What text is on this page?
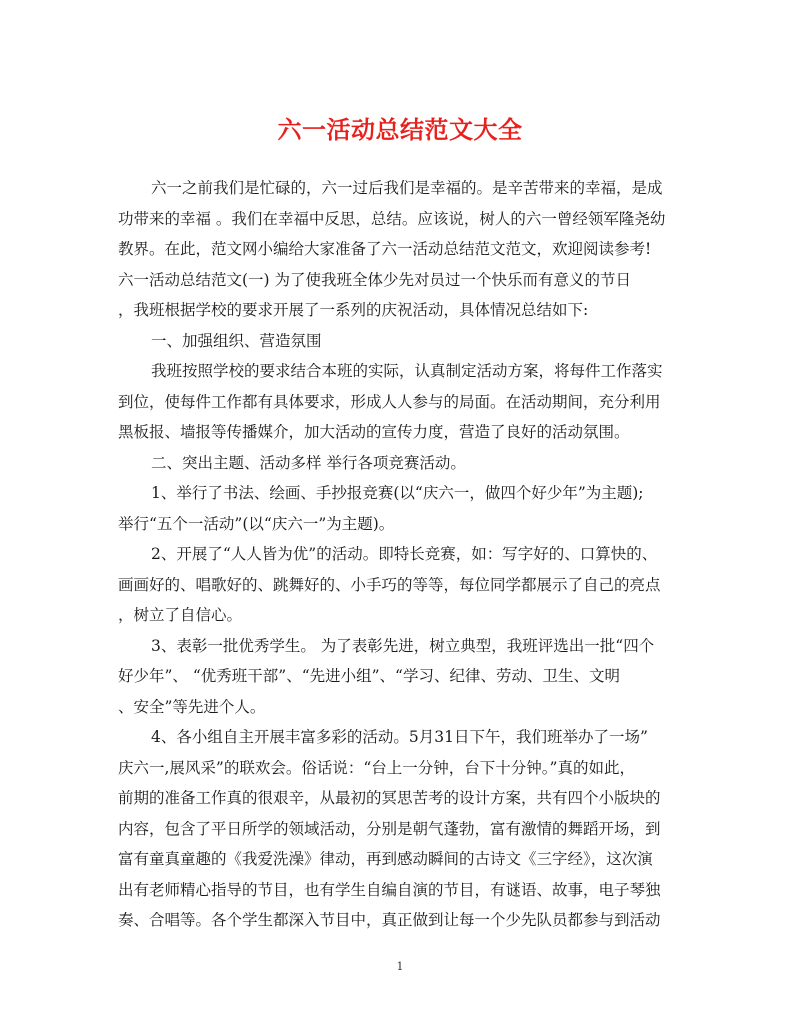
六一活动总结范文大全
六一之前我们是忙碌的，六一过后我们是幸福的。是辛苦带来的幸福，是成
功带来的幸福 。我们在幸福中反思，总结。应该说，树人的六一曾经领军隆尧幼
教界。在此，范文网小编给大家准备了六一活动总结范文范文，欢迎阅读参考!
六一活动总结范文(一) 为了使我班全体少先对员过一个快乐而有意义的节日
，我班根据学校的要求开展了一系列的庆祝活动，具体情况总结如下:
一、加强组织、营造氛围
我班按照学校的要求结合本班的实际，认真制定活动方案，将每件工作落实
到位，使每件工作都有具体要求，形成人人参与的局面。在活动期间，充分利用
黑板报、墙报等传播媒介，加大活动的宣传力度，营造了良好的活动氛围。
二、突出主题、活动多样 举行各项竞赛活动。
1、举行了书法、绘画、手抄报竞赛(以“庆六一，做四个好少年”为主题);
举行“五个一活动”(以“庆六一”为主题)。
2、开展了“人人皆为优”的活动。即特长竞赛，如：写字好的、口算快的、
画画好的、唱歌好的、跳舞好的、小手巧的等等，每位同学都展示了自己的亮点
，树立了自信心。
3、表彰一批优秀学生。 为了表彰先进，树立典型，我班评选出一批“四个
好少年”、 “优秀班干部”、“先进小组”、“学习、纪律、劳动、卫生、文明
、安全”等先进个人。
4、各小组自主开展丰富多彩的活动。5月31日下午，我们班举办了一场”
庆六一,展风采”的联欢会。俗话说：“台上一分钟，台下十分钟。”真的如此，
前期的准备工作真的很艰辛，从最初的冥思苦考的设计方案，共有四个小版块的
内容，包含了平日所学的领域活动，分别是朝气蓬勃，富有激情的舞蹈开场，到
富有童真童趣的《我爱洗澡》律动，再到感动瞬间的古诗文《三字经》，这次演
出有老师精心指导的节目，也有学生自编自演的节目，有谜语、故事，电子琴独
奏、合唱等。各个学生都深入节目中，真正做到让每一个少先队员都参与到活动
1
